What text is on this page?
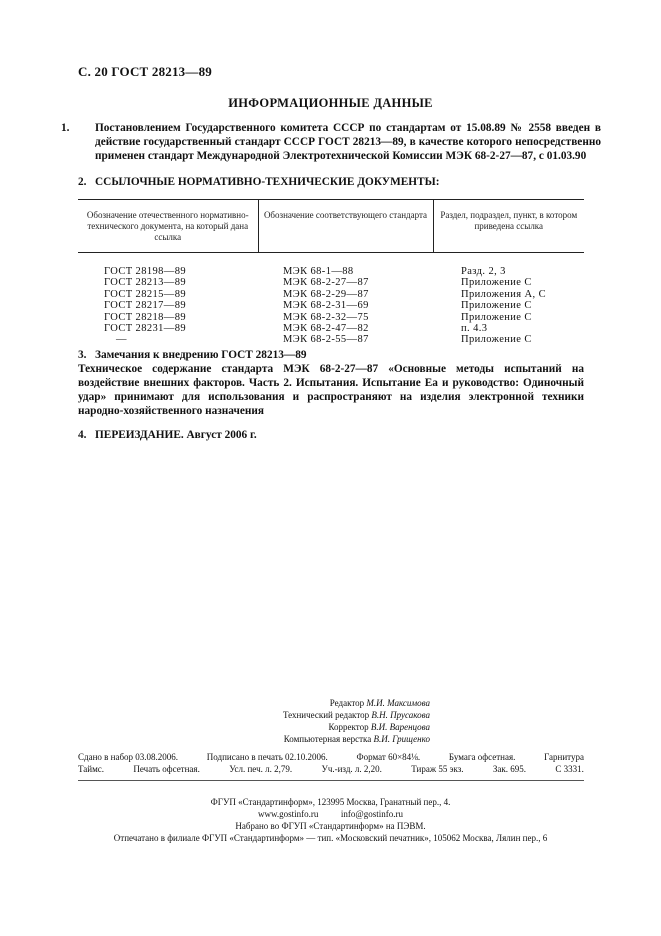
С. 20 ГОСТ 28213—89
ИНФОРМАЦИОННЫЕ ДАННЫЕ
1. Постановлением Государственного комитета СССР по стандартам от 15.08.89 № 2558 введен в действие государственный стандарт СССР ГОСТ 28213—89, в качестве которого непосредственно применен стандарт Международной Электротехнической Комиссии МЭК 68-2-27—87, с 01.03.90
2. ССЫЛОЧНЫЕ НОРМАТИВНО-ТЕХНИЧЕСКИЕ ДОКУМЕНТЫ:
Обозначение отечественного нормативно-технического документа, на который дана ссылка	Обозначение соответствующего стандарта	Раздел, подраздел, пункт, в котором приведена ссылка
ГОСТ 28198—89	МЭК 68-1—88	Разд. 2, 3
ГОСТ 28213—89	МЭК 68-2-27—87	Приложение С
ГОСТ 28215—89	МЭК 68-2-29—87	Приложения А, С
ГОСТ 28217—89	МЭК 68-2-31—69	Приложение С
ГОСТ 28218—89	МЭК 68-2-32—75	Приложение С
ГОСТ 28231—89	МЭК 68-2-47—82	п. 4.3
—	МЭК 68-2-55—87	Приложение С
3. Замечания к внедрению ГОСТ 28213—89
Техническое содержание стандарта МЭК 68-2-27—87 «Основные методы испытаний на воздействие внешних факторов. Часть 2. Испытания. Испытание Еа и руководство: Одиночный удар» принимают для использования и распространяют на изделия электронной техники народно-хозяйственного назначения
4. ПЕРЕИЗДАНИЕ. Август 2006 г.
Редактор М.И. Максимова
Технический редактор В.Н. Прусакова
Корректор В.И. Варенцова
Компьютерная верстка В.И. Грищенко
Сдано в набор 03.08.2006.	Подписано в печать 02.10.2006.	Формат 60×84⅛.	Бумага офсетная.	Гарнитура
Таймс.	Печать офсетная.	Усл. печ. л. 2,79.	Уч.-изд. л. 2,20.	Тираж 55 экз.	Зак. 695.	С 3331.
ФГУП «Стандартинформ», 123995 Москва, Гранатный пер., 4.
www.gostinfo.ru          info@gostinfo.ru
Набрано во ФГУП «Стандартинформ» на ПЭВМ.
Отпечатано в филиале ФГУП «Стандартинформ» — тип. «Московский печатник», 105062 Москва, Лялин пер., 6
